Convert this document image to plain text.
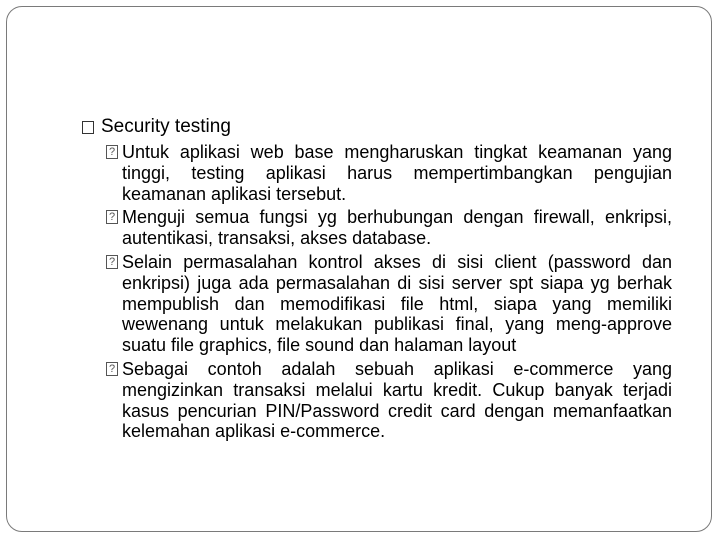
Security testing
?
Untuk aplikasi web base mengharuskan tingkat keamanan yang tinggi, testing aplikasi harus mempertimbangkan pengujian keamanan aplikasi tersebut.
?
Menguji semua fungsi yg berhubungan dengan firewall, enkripsi, autentikasi, transaksi, akses database.
?
Selain permasalahan kontrol akses di sisi client (password dan enkripsi) juga ada permasalahan di sisi server spt siapa yg berhak mempublish dan memodifikasi file html, siapa yang memiliki wewenang untuk melakukan publikasi final, yang meng-approve suatu file graphics, file sound dan halaman layout
?
Sebagai contoh adalah sebuah aplikasi e-commerce yang mengizinkan transaksi melalui kartu kredit. Cukup banyak terjadi kasus pencurian PIN/Password credit card dengan memanfaatkan kelemahan aplikasi e-commerce.
